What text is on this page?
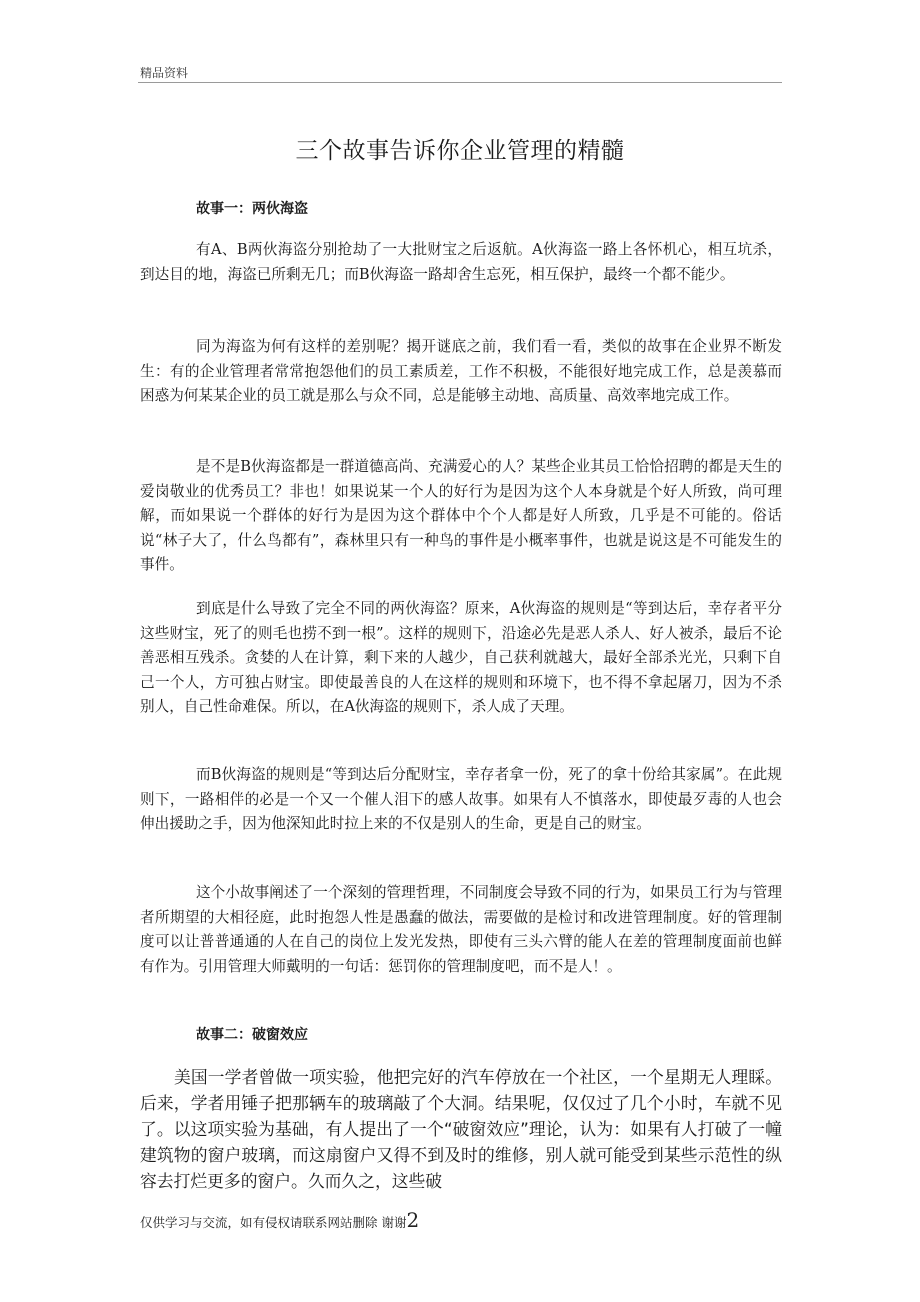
精品资料
三个故事告诉你企业管理的精髓
故事一：两伙海盗

有A、B两伙海盗分别抢劫了一大批财宝之后返航。A伙海盗一路上各怀机心，相互坑杀，到达目的地，海盗已所剩无几；而B伙海盗一路却舍生忘死，相互保护，最终一个都不能少。

同为海盗为何有这样的差别呢？揭开谜底之前，我们看一看，类似的故事在企业界不断发生：有的企业管理者常常抱怨他们的员工素质差，工作不积极，不能很好地完成工作，总是羡慕而困惑为何某某企业的员工就是那么与众不同，总是能够主动地、高质量、高效率地完成工作。

是不是B伙海盗都是一群道德高尚、充满爱心的人？某些企业其员工恰恰招聘的都是天生的爱岗敬业的优秀员工？非也！如果说某一个人的好行为是因为这个人本身就是个好人所致，尚可理解，而如果说一个群体的好行为是因为这个群体中个个人都是好人所致，几乎是不可能的。俗话说“林子大了，什么鸟都有”，森林里只有一种鸟的事件是小概率事件，也就是说这是不可能发生的事件。

到底是什么导致了完全不同的两伙海盗？原来，A伙海盗的规则是“等到达后，幸存者平分这些财宝，死了的则毛也捞不到一根”。这样的规则下，沿途必先是恶人杀人、好人被杀，最后不论善恶相互残杀。贪婪的人在计算，剩下来的人越少，自己获利就越大，最好全部杀光光，只剩下自己一个人，方可独占财宝。即使最善良的人在这样的规则和环境下，也不得不拿起屠刀，因为不杀别人，自己性命难保。所以，在A伙海盗的规则下，杀人成了天理。

而B伙海盗的规则是“等到达后分配财宝，幸存者拿一份，死了的拿十份给其家属”。在此规则下，一路相伴的必是一个又一个催人泪下的感人故事。如果有人不慎落水，即使最歹毒的人也会伸出援助之手，因为他深知此时拉上来的不仅是别人的生命，更是自己的财宝。

这个小故事阐述了一个深刻的管理哲理，不同制度会导致不同的行为，如果员工行为与管理者所期望的大相径庭，此时抱怨人性是愚蠢的做法，需要做的是检讨和改进管理制度。好的管理制度可以让普普通通的人在自己的岗位上发光发热，即使有三头六臂的能人在差的管理制度面前也鲜有作为。引用管理大师戴明的一句话：惩罚你的管理制度吧，而不是人！。

故事二：破窗效应

美国一学者曾做一项实验，他把完好的汽车停放在一个社区，一个星期无人理睬。后来，学者用锤子把那辆车的玻璃敲了个大洞。结果呢，仅仅过了几个小时，车就不见了。以这项实验为基础，有人提出了一个“破窗效应”理论，认为：如果有人打破了一幢建筑物的窗户玻璃，而这扇窗户又得不到及时的维修，别人就可能受到某些示范性的纵容去打烂更多的窗户。久而久之，这些破

仅供学习与交流，如有侵权请联系网站删除 谢谢2
